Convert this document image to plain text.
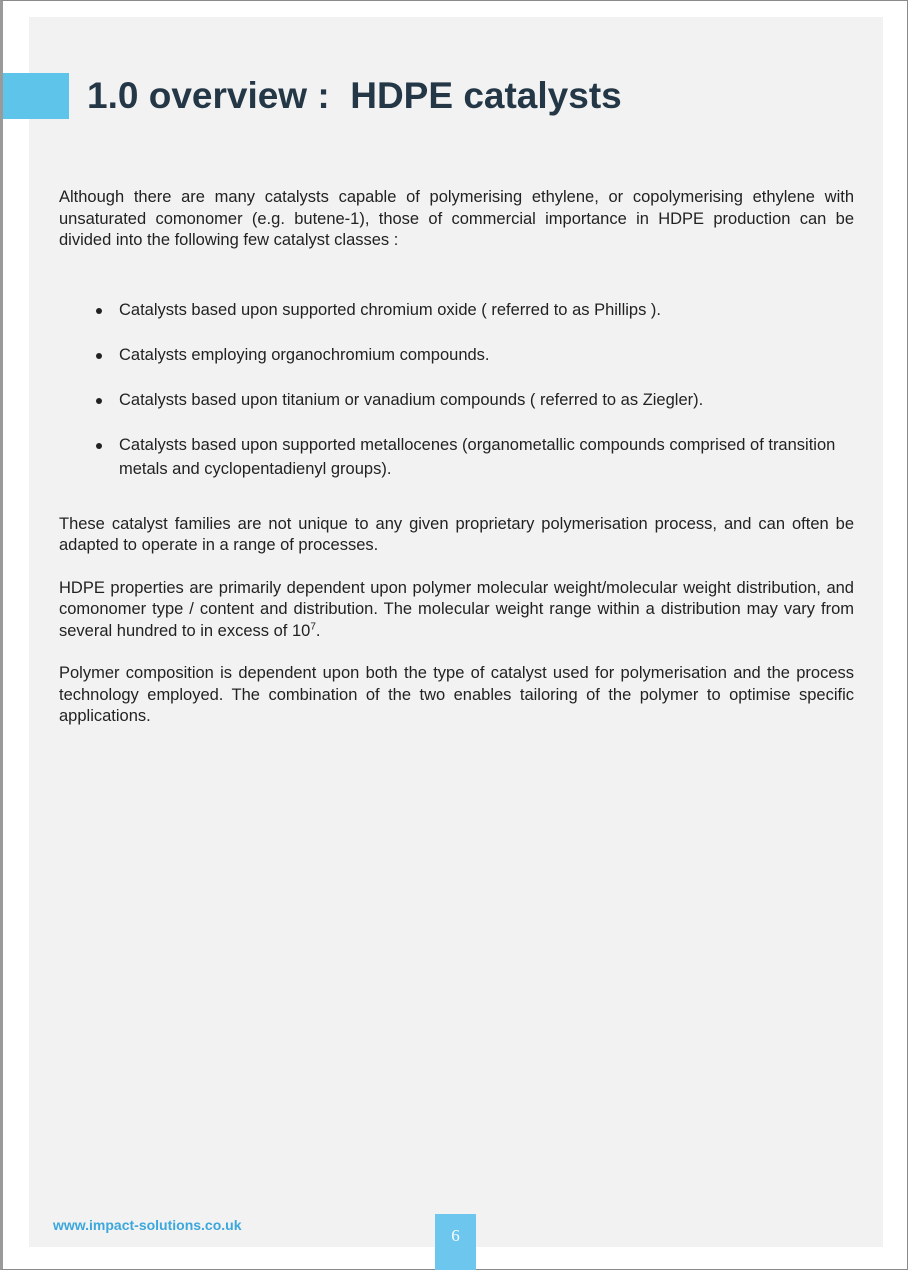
1.0 overview :  HDPE catalysts

Although there are many catalysts capable of polymerising ethylene, or copolymerising ethylene with unsaturated comonomer (e.g. butene-1), those of commercial importance in HDPE production can be divided into the following few catalyst classes :

Catalysts based upon supported chromium oxide ( referred to as Phillips ).
Catalysts employing organochromium compounds.
Catalysts based upon titanium or vanadium compounds ( referred to as Ziegler).
Catalysts based upon supported metallocenes (organometallic compounds comprised of transition metals and cyclopentadienyl groups).

These catalyst families are not unique to any given proprietary polymerisation process, and can often be adapted to operate in a range of processes.

HDPE properties are primarily dependent upon polymer molecular weight/molecular weight distribution, and comonomer type / content and distribution. The molecular weight range within a distribution may vary from several hundred to in excess of $10^7$.

Polymer composition is dependent upon both the type of catalyst used for polymerisation and the process technology employed. The combination of the two enables tailoring of the polymer to optimise specific applications.

www.impact-solutions.co.uk
6
